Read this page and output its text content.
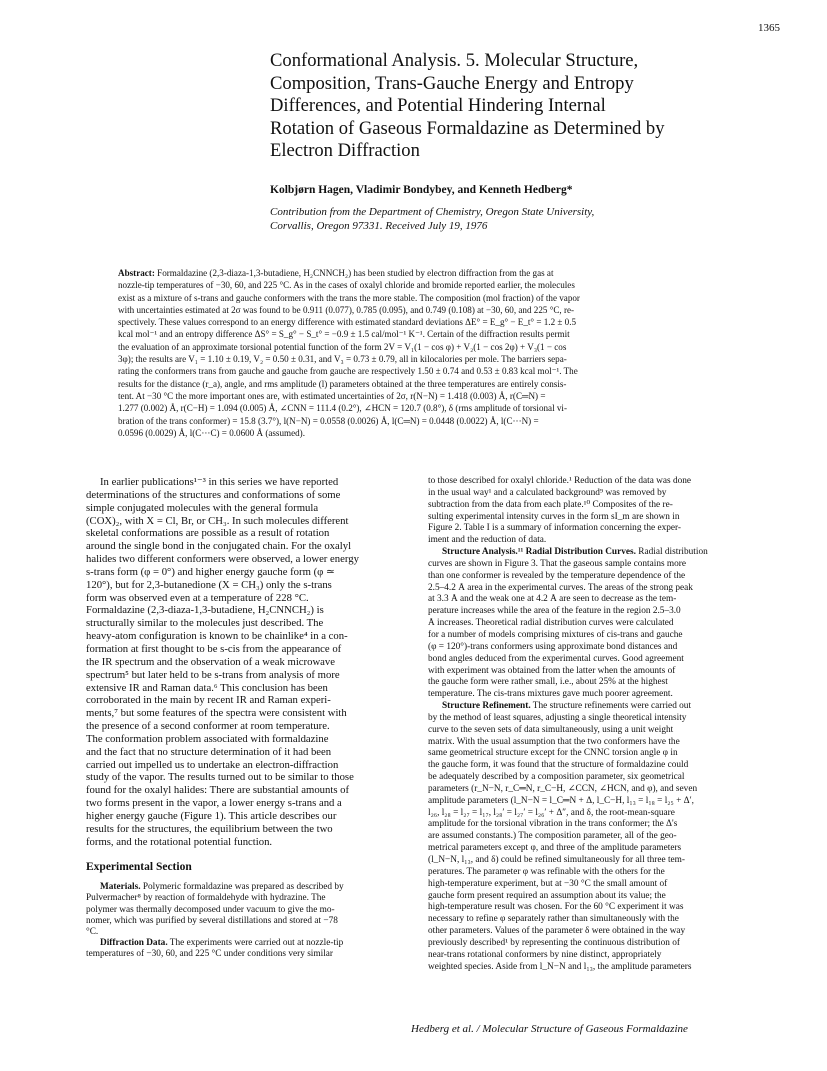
1365
Conformational Analysis. 5. Molecular Structure,
Composition, Trans-Gauche Energy and Entropy
Differences, and Potential Hindering Internal
Rotation of Gaseous Formaldazine as Determined by
Electron Diffraction
Kolbjørn Hagen, Vladimir Bondybey, and Kenneth Hedberg*
Contribution from the Department of Chemistry, Oregon State University,
Corvallis, Oregon 97331. Received July 19, 1976
Abstract: Formaldazine (2,3-diaza-1,3-butadiene, H₂CNNCH₂) has been studied by electron diffraction from the gas at
nozzle-tip temperatures of −30, 60, and 225 °C. As in the cases of oxalyl chloride and bromide reported earlier, the molecules
exist as a mixture of s-trans and gauche conformers with the trans the more stable. The composition (mol fraction) of the vapor
with uncertainties estimated at 2σ was found to be 0.911 (0.077), 0.785 (0.095), and 0.749 (0.108) at −30, 60, and 225 °C, re-
spectively. These values correspond to an energy difference with estimated standard deviations ΔE° = E_g° − E_t° = 1.2 ± 0.5
kcal mol⁻¹ and an entropy difference ΔS° = S_g° − S_t° = −0.9 ± 1.5 cal/mol⁻¹ K⁻¹. Certain of the diffraction results permit
the evaluation of an approximate torsional potential function of the form 2V = V₁(1 − cos φ) + V₂(1 − cos 2φ) + V₃(1 − cos
3φ); the results are V₁ = 1.10 ± 0.19, V₂ = 0.50 ± 0.31, and V₃ = 0.73 ± 0.79, all in kilocalories per mole. The barriers sepa-
rating the conformers trans from gauche and gauche from gauche are respectively 1.50 ± 0.74 and 0.53 ± 0.83 kcal mol⁻¹. The
results for the distance (r_a), angle, and rms amplitude (l) parameters obtained at the three temperatures are entirely consis-
tent. At −30 °C the more important ones are, with estimated uncertainties of 2σ, r(N−N) = 1.418 (0.003) Å, r(C═N) =
1.277 (0.002) Å, r(C−H) = 1.094 (0.005) Å, ∠CNN = 111.4 (0.2°), ∠HCN = 120.7 (0.8°), δ (rms amplitude of torsional vi-
bration of the trans conformer) = 15.8 (3.7°), l(N−N) = 0.0558 (0.0026) Å, l(C═N) = 0.0448 (0.0022) Å, l(C···N) =
0.0596 (0.0029) Å, l(C···C) = 0.0600 Å (assumed).
In earlier publications¹⁻³ in this series we have reported
determinations of the structures and conformations of some
simple conjugated molecules with the general formula
(COX)₂, with X = Cl, Br, or CH₃. In such molecules different
skeletal conformations are possible as a result of rotation
around the single bond in the conjugated chain. For the oxalyl
halides two different conformers were observed, a lower energy
s-trans form (φ = 0°) and higher energy gauche form (φ ≃
120°), but for 2,3-butanedione (X = CH₃) only the s-trans
form was observed even at a temperature of 228 °C.
Formaldazine (2,3-diaza-1,3-butadiene, H₂CNNCH₂) is
structurally similar to the molecules just described. The
heavy-atom configuration is known to be chainlike⁴ in a con-
formation at first thought to be s-cis from the appearance of
the IR spectrum and the observation of a weak microwave
spectrum⁵ but later held to be s-trans from analysis of more
extensive IR and Raman data.⁶ This conclusion has been
corroborated in the main by recent IR and Raman experi-
ments,⁷ but some features of the spectra were consistent with
the presence of a second conformer at room temperature.
The conformation problem associated with formaldazine
and the fact that no structure determination of it had been
carried out impelled us to undertake an electron-diffraction
study of the vapor. The results turned out to be similar to those
found for the oxalyl halides: There are substantial amounts of
two forms present in the vapor, a lower energy s-trans and a
higher energy gauche (Figure 1). This article describes our
results for the structures, the equilibrium between the two
forms, and the rotational potential function.
Experimental Section
Materials. Polymeric formaldazine was prepared as described by
Pulvermacher⁸ by reaction of formaldehyde with hydrazine. The
polymer was thermally decomposed under vacuum to give the mo-
nomer, which was purified by several distillations and stored at −78
°C.
Diffraction Data. The experiments were carried out at nozzle-tip
temperatures of −30, 60, and 225 °C under conditions very similar
to those described for oxalyl chloride.¹ Reduction of the data was done
in the usual way¹ and a calculated background⁹ was removed by
subtraction from the data from each plate.¹⁰ Composites of the re-
sulting experimental intensity curves in the form sI_m are shown in
Figure 2. Table I is a summary of information concerning the exper-
iment and the reduction of data.
Structure Analysis.¹¹ Radial Distribution Curves. Radial distribution
curves are shown in Figure 3. That the gaseous sample contains more
than one conformer is revealed by the temperature dependence of the
2.5–4.2 Å area in the experimental curves. The areas of the strong peak
at 3.3 Å and the weak one at 4.2 Å are seen to decrease as the tem-
perature increases while the area of the feature in the region 2.5–3.0
Å increases. Theoretical radial distribution curves were calculated
for a number of models comprising mixtures of cis-trans and gauche
(φ = 120°)-trans conformers using approximate bond distances and
bond angles deduced from the experimental curves. Good agreement
with experiment was obtained from the latter when the amounts of
the gauche form were rather small, i.e., about 25% at the highest
temperature. The cis-trans mixtures gave much poorer agreement.
Structure Refinement. The structure refinements were carried out
by the method of least squares, adjusting a single theoretical intensity
curve to the seven sets of data simultaneously, using a unit weight
matrix. With the usual assumption that the two conformers have the
same geometrical structure except for the CNNC torsion angle φ in
the gauche form, it was found that the structure of formaldazine could
be adequately described by a composition parameter, six geometrical
parameters (r_N−N, r_C═N, r_C−H, ∠CCN, ∠HCN, and φ), and seven
amplitude parameters (l_N−N = l_C═N + Δ, l_C−H, l₁₃ = l₁₈ = l₂₅ + Δ′,
l₂₆, l₂₈ = l₂₇ = l₁₇, l₂₈′ = l₂₇′ = l₂₆′ + Δ″, and δ, the root-mean-square
amplitude for the torsional vibration in the trans conformer; the Δ's
are assumed constants.) The composition parameter, all of the geo-
metrical parameters except φ, and three of the amplitude parameters
(l_N−N, l₁₃, and δ) could be refined simultaneously for all three tem-
peratures. The parameter φ was refinable with the others for the
high-temperature experiment, but at −30 °C the small amount of
gauche form present required an assumption about its value; the
high-temperature result was chosen. For the 60 °C experiment it was
necessary to refine φ separately rather than simultaneously with the
other parameters. Values of the parameter δ were obtained in the way
previously described¹ by representing the continuous distribution of
near-trans rotational conformers by nine distinct, appropriately
weighted species. Aside from l_N−N and l₁₃, the amplitude parameters
Hedberg et al. / Molecular Structure of Gaseous Formaldazine
